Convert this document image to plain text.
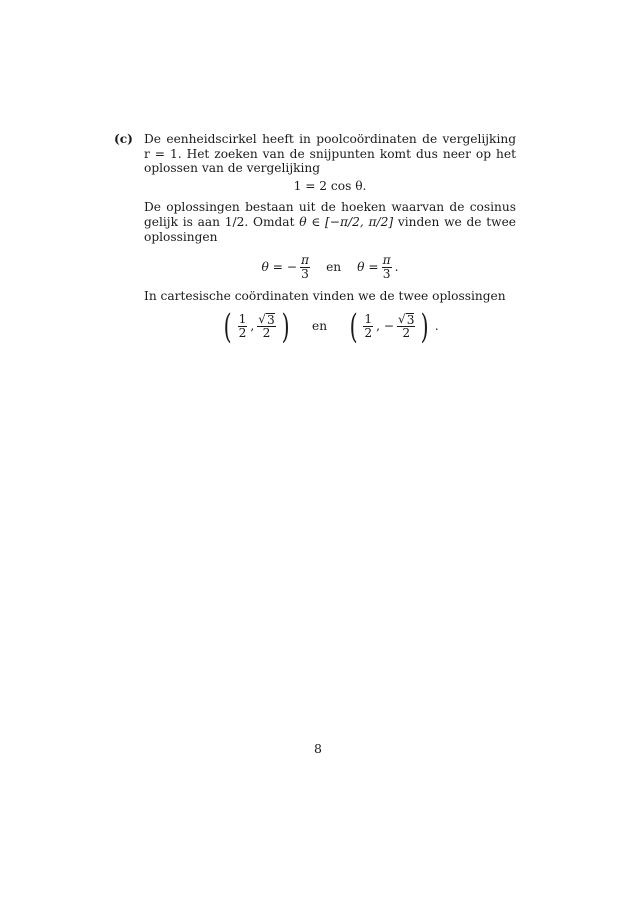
(c) De eenheidscirkel heeft in poolcoördinaten de vergelijking r = 1. Het zoeken van de snijpunten komt dus neer op het oplossen van de vergelijking

1 = 2 cos θ.

De oplossingen bestaan uit de hoeken waarvan de cosinus gelijk is aan 1/2. Omdat θ ∈ [−π/2, π/2] vinden we de twee oplossingen

θ = − $\frac{\pi}{3}$ en $\theta = \frac{\pi}{3}$ .

In cartesische coördinaten vinden we de twee oplossingen

( $\frac{1}{2}$ , $\frac{√ 3}{2}$ ) en ( $\frac{1}{2}$ , − $\frac{√ 3}{2}$ ) .
8
